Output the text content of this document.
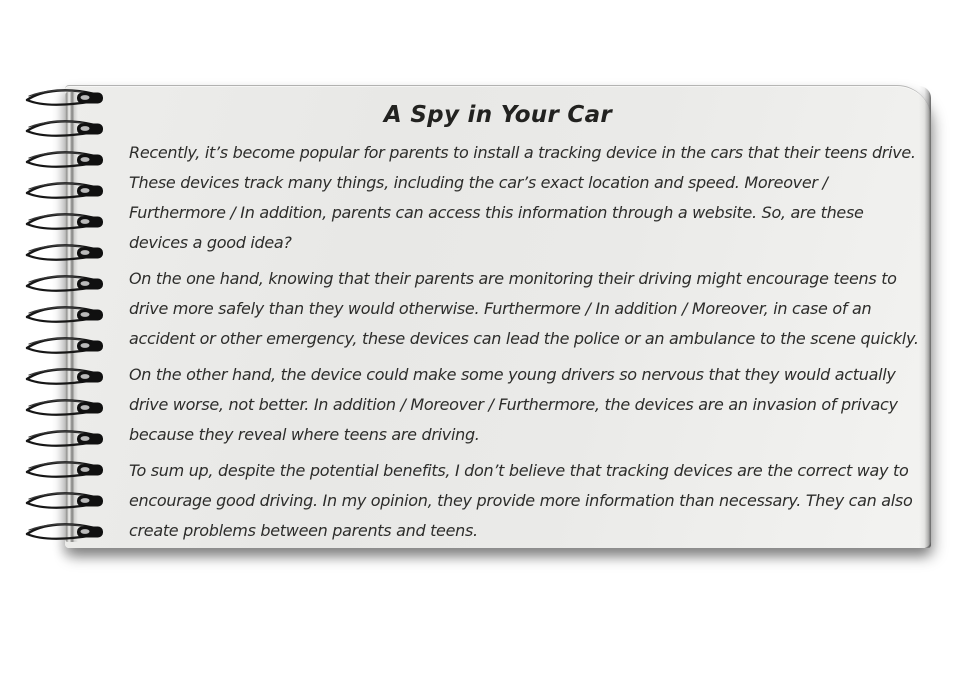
A Spy in Your Car

Recently, it’s become popular for parents to install a tracking device in the cars that their teens drive. These devices track many things, including the car’s exact location and speed. Moreover / Furthermore / In addition, parents can access this information through a website. So, are these devices a good idea?

On the one hand, knowing that their parents are monitoring their driving might encourage teens to drive more safely than they would otherwise. Furthermore / In addition / Moreover, in case of an accident or other emergency, these devices can lead the police or an ambulance to the scene quickly.

On the other hand, the device could make some young drivers so nervous that they would actually drive worse, not better. In addition / Moreover / Furthermore, the devices are an invasion of privacy because they reveal where teens are driving.

To sum up, despite the potential benefits, I don’t believe that tracking devices are the correct way to encourage good driving. In my opinion, they provide more information than necessary. They can also create problems between parents and teens.
